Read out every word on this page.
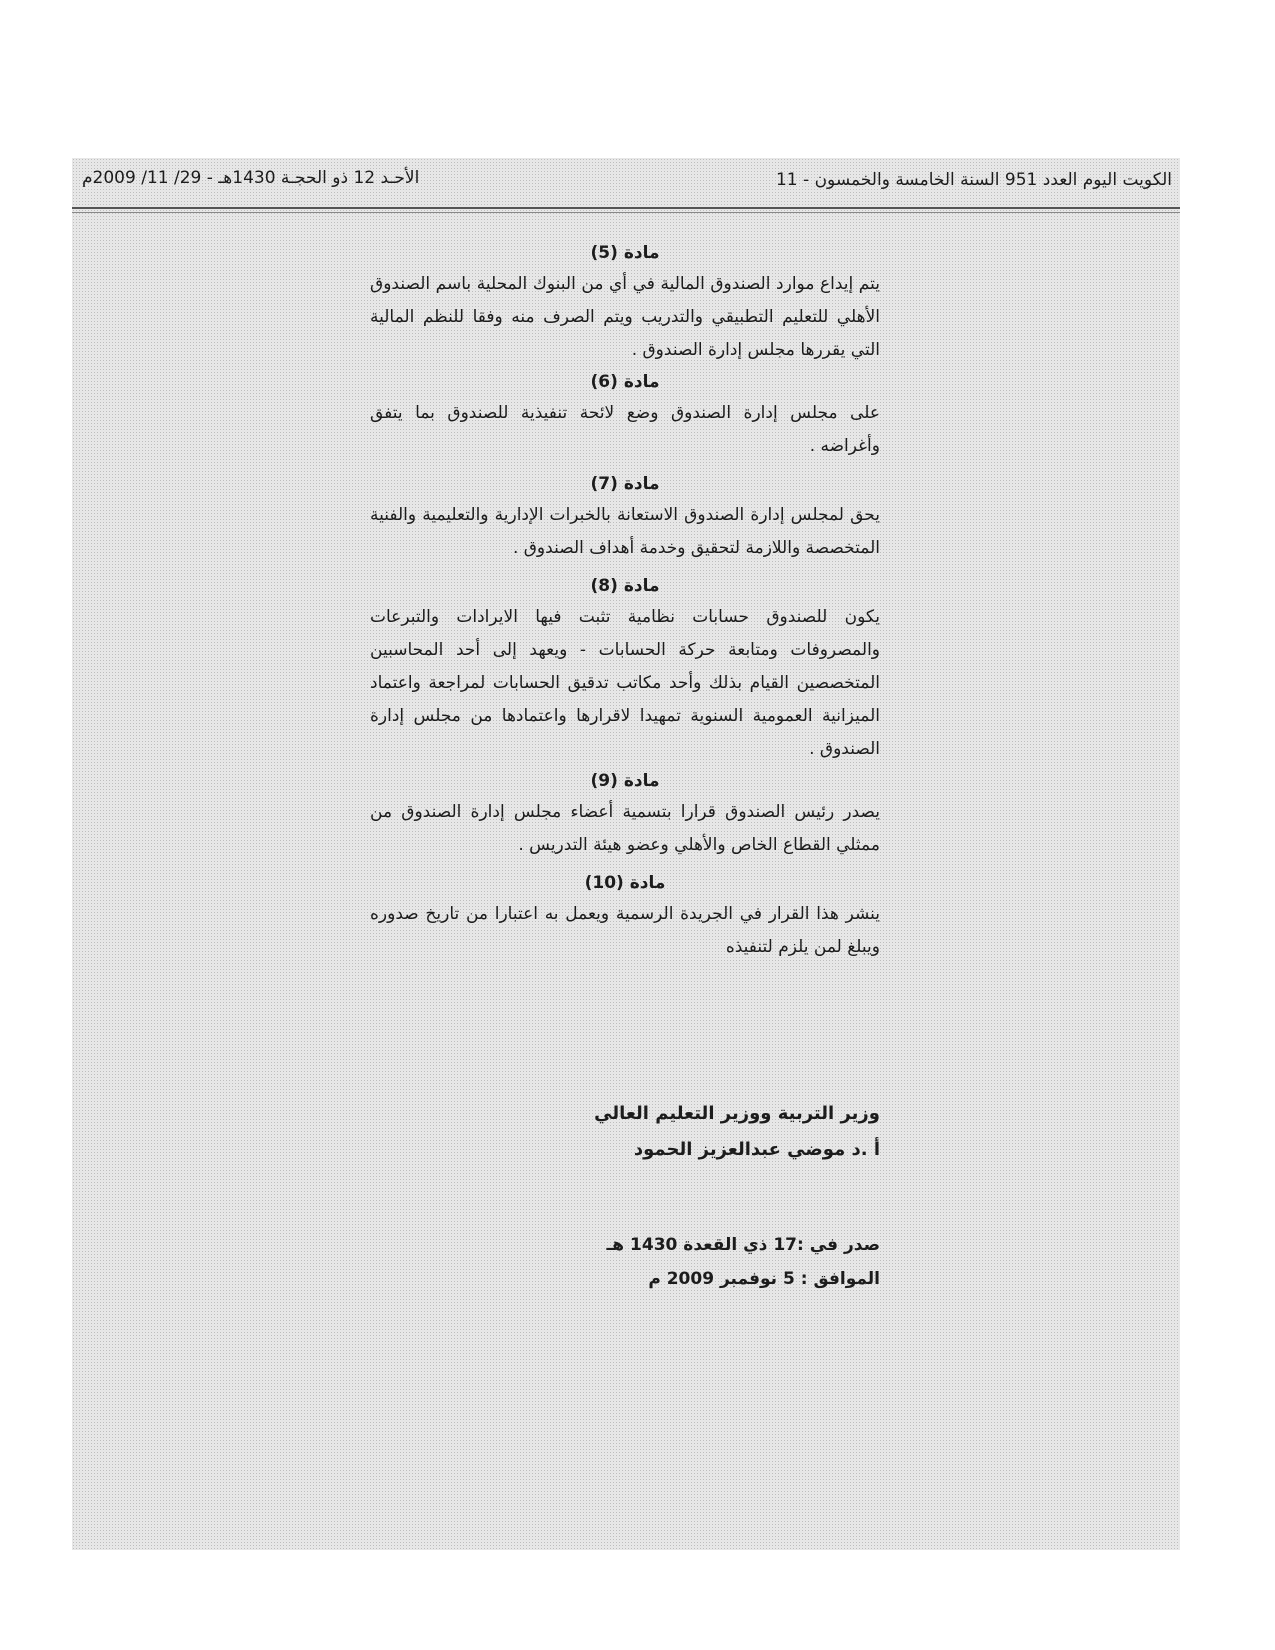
الكويت اليوم العدد 951 السنة الخامسة والخمسون - 11
الأحـد 12 ذو الحجـة 1430هـ - 29/ 11/ 2009م
مادة (5)

يتم إيداع موارد الصندوق المالية في أي من البنوك المحلية باسم الصندوق الأهلي للتعليم التطبيقي والتدريب ويتم الصرف منه وفقا للنظم المالية التي يقررها مجلس إدارة الصندوق .

مادة (6)

على مجلس إدارة الصندوق وضع لائحة تنفيذية للصندوق بما يتفق وأغراضه .

مادة (7)

يحق لمجلس إدارة الصندوق الاستعانة بالخبرات الإدارية والتعليمية والفنية المتخصصة واللازمة لتحقيق وخدمة أهداف الصندوق .

مادة (8)

يكون للصندوق حسابات نظامية تثبت فيها الايرادات والتبرعات والمصروفات ومتابعة حركة الحسابات - ويعهد إلى أحد المحاسبين المتخصصين القيام بذلك وأحد مكاتب تدقيق الحسابات لمراجعة واعتماد الميزانية العمومية السنوية تمهيدا لاقرارها واعتمادها من مجلس إدارة الصندوق .

مادة (9)

يصدر رئيس الصندوق قرارا بتسمية أعضاء مجلس إدارة الصندوق من ممثلي القطاع الخاص والأهلي وعضو هيئة التدريس .

مادة (10)

ينشر هذا القرار في الجريدة الرسمية ويعمل به اعتبارا من تاريخ صدوره ويبلغ لمن يلزم لتنفيذه

وزير التربية ووزير التعليم العالي
أ .د موضي عبدالعزيز الحمود
صدر في :17 ذي القعدة 1430 هـ
الموافق : 5 نوفمبر 2009 م
